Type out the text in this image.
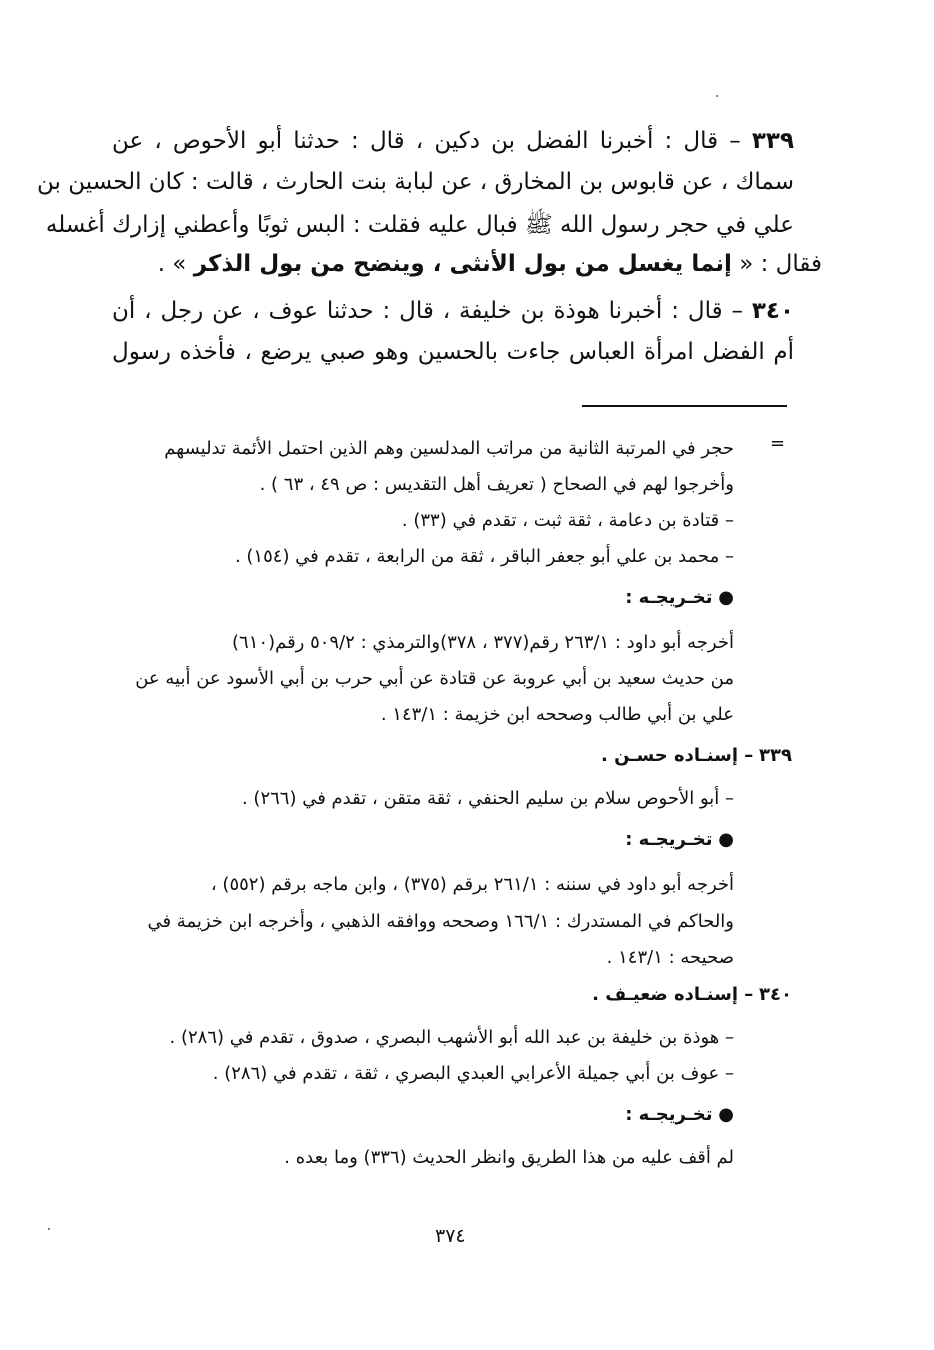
٣٣٩ – قال : أخبرنا الفضل بن دكين ، قال : حدثنا أبو الأحوص ، عن
سماك ، عن قابوس بن المخارق ، عن لبابة بنت الحارث ، قالت : كان الحسين بن
علي في حجر رسول الله ﷺ فبال عليه فقلت : البس ثوبًا وأعطني إزارك أغسله
فقال : « إنما يغسل من بول الأنثى ، وينضح من بول الذكر » .
٣٤٠ – قال : أخبرنا هوذة بن خليفة ، قال : حدثنا عوف ، عن رجل ، أن
أم الفضل امرأة العباس جاءت بالحسين وهو صبي يرضع ، فأخذه رسول
=
حجر في المرتبة الثانية من مراتب المدلسين وهم الذين احتمل الأئمة تدليسهم
وأخرجوا لهم في الصحاح ( تعريف أهل التقديس : ص ٤٩ ، ٦٣ ) .
– قتادة بن دعامة ، ثقة ثبت ، تقدم في (٣٣) .
– محمد بن علي أبو جعفر الباقر ، ثقة من الرابعة ، تقدم في (١٥٤) .
● تخـريجـه :
أخرجه أبو داود : ٢٦٣/١ رقم(٣٧٧ ، ٣٧٨)والترمذي : ٥٠٩/٢ رقم(٦١٠)
من حديث سعيد بن أبي عروبة عن قتادة عن أبي حرب بن أبي الأسود عن أبيه عن
علي بن أبي طالب وصححه ابن خزيمة : ١٤٣/١ .
٣٣٩ – إسنـاده حسـن .
– أبو الأحوص سلام بن سليم الحنفي ، ثقة متقن ، تقدم في (٢٦٦) .
● تخـريجـه :
أخرجه أبو داود في سننه : ٢٦١/١ برقم (٣٧٥) ، وابن ماجه برقم (٥٥٢) ،
والحاكم في المستدرك : ١٦٦/١ وصححه ووافقه الذهبي ، وأخرجه ابن خزيمة في
صحيحه : ١٤٣/١ .
٣٤٠ – إسنـاده ضعيـف .
– هوذة بن خليفة بن عبد الله أبو الأشهب البصري ، صدوق ، تقدم في (٢٨٦) .
– عوف بن أبي جميلة الأعرابي العبدي البصري ، ثقة ، تقدم في (٢٨٦) .
● تخـريجـه :
لم أقف عليه من هذا الطريق وانظر الحديث (٣٣٦) وما بعده .
٣٧٤
